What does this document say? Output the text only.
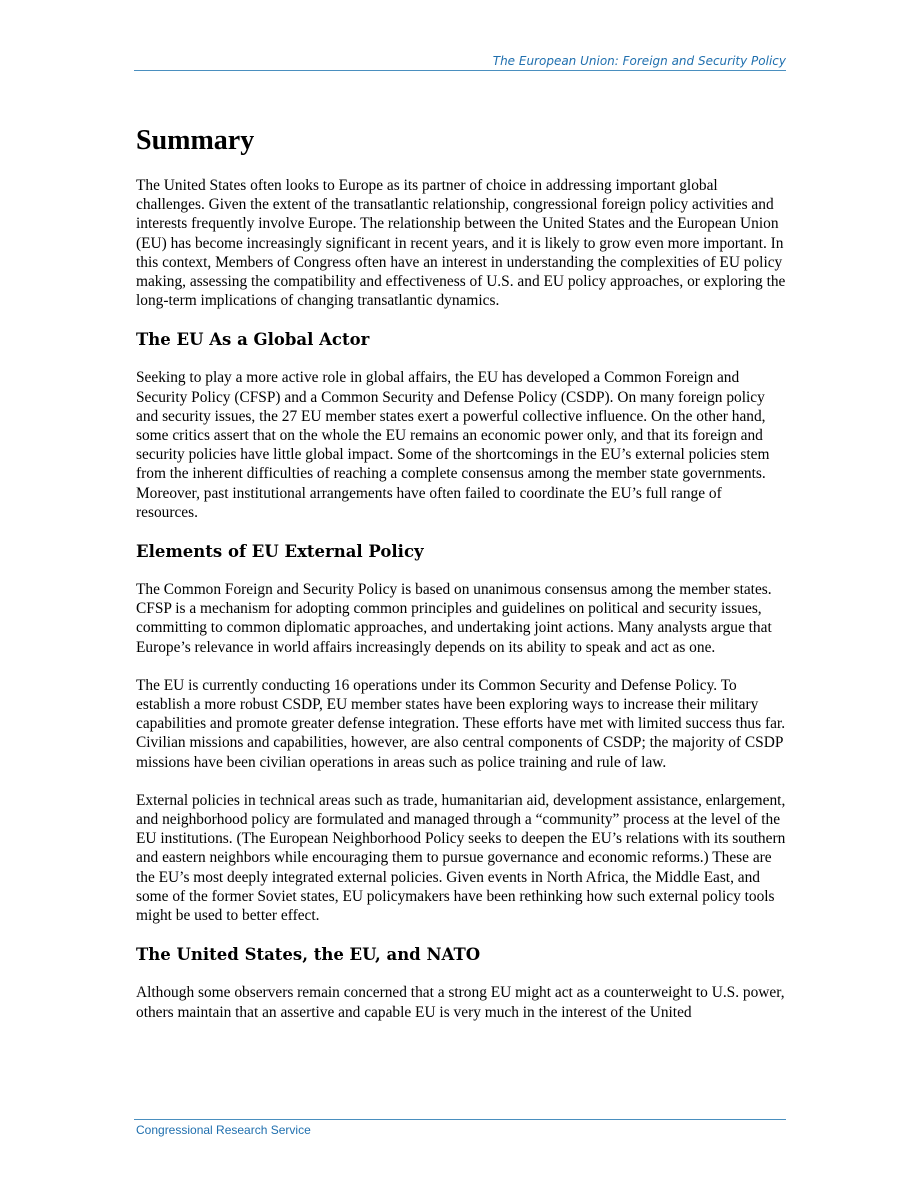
The European Union: Foreign and Security Policy
Summary

The United States often looks to Europe as its partner of choice in addressing important global challenges. Given the extent of the transatlantic relationship, congressional foreign policy activities and interests frequently involve Europe. The relationship between the United States and the European Union (EU) has become increasingly significant in recent years, and it is likely to grow even more important. In this context, Members of Congress often have an interest in understanding the complexities of EU policy making, assessing the compatibility and effectiveness of U.S. and EU policy approaches, or exploring the long-term implications of changing transatlantic dynamics.

The EU As a Global Actor

Seeking to play a more active role in global affairs, the EU has developed a Common Foreign and Security Policy (CFSP) and a Common Security and Defense Policy (CSDP). On many foreign policy and security issues, the 27 EU member states exert a powerful collective influence. On the other hand, some critics assert that on the whole the EU remains an economic power only, and that its foreign and security policies have little global impact. Some of the shortcomings in the EU’s external policies stem from the inherent difficulties of reaching a complete consensus among the member state governments. Moreover, past institutional arrangements have often failed to coordinate the EU’s full range of resources.

Elements of EU External Policy

The Common Foreign and Security Policy is based on unanimous consensus among the member states. CFSP is a mechanism for adopting common principles and guidelines on political and security issues, committing to common diplomatic approaches, and undertaking joint actions. Many analysts argue that Europe’s relevance in world affairs increasingly depends on its ability to speak and act as one.

The EU is currently conducting 16 operations under its Common Security and Defense Policy. To establish a more robust CSDP, EU member states have been exploring ways to increase their military capabilities and promote greater defense integration. These efforts have met with limited success thus far. Civilian missions and capabilities, however, are also central components of CSDP; the majority of CSDP missions have been civilian operations in areas such as police training and rule of law.

External policies in technical areas such as trade, humanitarian aid, development assistance, enlargement, and neighborhood policy are formulated and managed through a “community” process at the level of the EU institutions. (The European Neighborhood Policy seeks to deepen the EU’s relations with its southern and eastern neighbors while encouraging them to pursue governance and economic reforms.) These are the EU’s most deeply integrated external policies. Given events in North Africa, the Middle East, and some of the former Soviet states, EU policymakers have been rethinking how such external policy tools might be used to better effect.

The United States, the EU, and NATO

Although some observers remain concerned that a strong EU might act as a counterweight to U.S. power, others maintain that an assertive and capable EU is very much in the interest of the United

Congressional Research Service
